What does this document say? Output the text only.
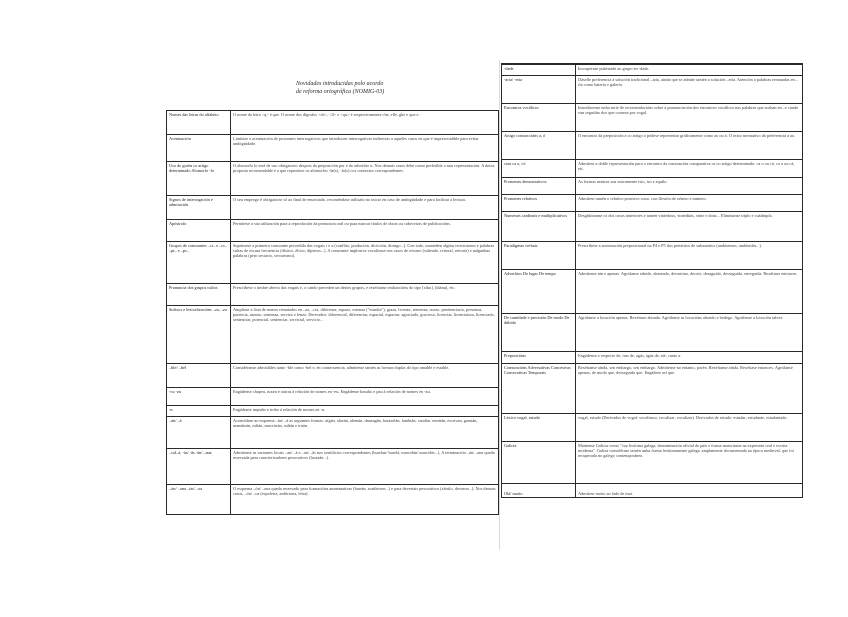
Novidades introducidas polo acordo
de reforma ortográfica (NOMIG-03)
Nomes das letras do alfabeto	O nome da letra <q> é que. O nome dos dígrafos <ch>, <ll> e <qu> é respectivamente che, elle, ghe e que e.
Acentuación	Limítase a acentuación de pronomes interrogativos que introducen interrogativas indirectas a aqueles casos en que é imprescindible para evitar ambigüidade.
Uso do guión co artigo determinado Alomorfo -lo	O alomorfo lo será de uso obrigatorio despois da preposición por e do adverbio u. Nos demais casos debe como preferible a non representación. A única proposta recomendable é a que reproduce os alomorfos -la(s), -lo(s) cos contextos correspondentes.
Signos de interrogación e admiración	O seu emprego é obrigatorio só ao final de enunciado, recoméndase utilizalo no inicio en caso de ambigüidade e para facilitar a lectura.
Apóstrofo	Permítese a súa utilización para a reprodución da pronuncia oral ou para marcar títulos de obras ou cabeceiras de publicacións.
Grupos de consoantes –ct– e –cc– –pt– e –pc–	Suprímese a primeira consoante precedida das vogais i e u (conflito, produción, dictición, diringo...). Con todo, manteñen algúns tecnicismos e palabras cultas de escasa frecuencia (dístico, élcito, dípteros...). A consoante implosiva vocalízase nos casos de retorno (salteado, reitoral, reitoría) e nalgunhas palabras (pero sectario, sectorismo).
Pronuncia dos grupos cultos	Prescríbese o timbre aberto das vogais e, o cando preceden un destes grupos, e rexéitanse realizacións do tipo [xiku], [diánu], etc.
Sufixos e lexicalizacións –za, –zo	Amplíase a lista de nomes rematados en –za, –cia, diferenza, espazo, estenza ("estudia"), graza, licenza, sentenza, norzo, penitenciario, presenza, potencia, asenzo, sentenza, servizo e lenzo. Derivados: diferencial, diferenciar, espacial, espaciar, agraciado, gracioso, licenciar, licenciatura, licenciado, sentenciar, potencial, sentenciar, servicial, servicio...
–ble/ –bel	Considéranse admisibles tanto -ble como -bel e, en consecuencia, admítense tamén as formas duplas do tipo amable e estable.
-cu -zu	Engádense chapeu, ruxeu e outras á relación de nomes en -eu. Engádense basalto e pau á relación de nomes en -au.
-n	Engádense impuño e trobo á relación de nomes en -n.
–án/ –á	Acomódase ao esquema –án/ –á as seguintes formas: afgán, alazán, alemán, danzagán, baraxelán, lambián, catalán, ermitán, escrivan, garatán, mandarán, rufián, sancristán, sultán e truán.
–cal–á, -ás/ -ãs -án/ –ana	Admítense as variantes locais –an/ –á e –an/ –ãs nos xentilicios correspondentes (burelan/ burelá, marcelán/ marcelás...). A terminación –án/ –ana queda reservada para caracterizadores pexorativos (lacazán...).
–ón/ –ona –ón/ –oa	O esquema –ón/ –ona queda reservado para formacións aumentativas (barrán, zonfieiron...) e para devertais pexorativos (afoulo, devaron...). Nos demais casos, –ón/ –oa (espoleira, anfitriona, leira).
-dade	Incorpórase pubertade ao grupo en -dade.
-aria/ -eria	Dáselle preferencia á solución tradicional –aría, ainda que se admite tamén a solución –ería. Atención a palabras rematadas en –ría como batería e galería.
Encontros vocálicos	Introdúcense unha serie de recomendacións sobre a pronunciación dos encontros vocálicos nas palabras que acaban en –e cando van seguidas dos que comeza por vogal.
Artigo contraccións a, ó	O encontro da preposición a co artigo o pódese representar gráficamente como ao ou ó. O texto normativo dá preferencia a ao.
cara ca o, có	Admítese a doble representación para o encontro da conxunción comparativa ca co artigo determinado: ca o ou có, ca a ou cá, etc.
Pronomes demostrativos	As formas neutras son unicamente isto, iso e aquilo.
Pronomes relativos	Admítese tamén o relativo posesivo cuxo, con flexión de xénero e número.
Numerais cardinais e multiplicativos	Desglútinanse os dos casos anteriores e tamén vintedous, vintedúas, vinte e dous... Elimínanse triplo e cuádruplo.
Paradigmas verbais	Prescríbese a acentuación preposicional na P4 e P5 dos pretéritos de subxuntivo (andásemos, andásedes...).
Adverbios De lugar De tempo	Admítense nin e apenas. Agrúfanse adrede, deantado, decontino, decote, desaguido, desseguida, enseguida. Rexéitase entonces.
De cantidade e precisión De modo De dúbida	Agrúfanse a locución apenas. Rexéitase abonda. Agrúfanse as locucións abondo e bodego. Agrúfanse a locución talvez.
Preposicións	Engádense o respecto de, tras de, agás, agás de, até, canto a.
Conxuncións Adversativas Concesivas Consecutivas Temporais	Rexéitanse aínda, sen embargo, sen embargo. Admítense no entanto, porén. Rexéitanse aínda. Rexéitase entonces. Agrúfanse apenas, de modo que, desseguida que. Engádese así que.
Léxico vogal, estudo	vogal, estudo (Derivados de vogal: vocalismo, vocalizar, vocalizar). Derivados de estudo: estudar, estudante, estudantado.
Galicia	Mantense Galicia como "voz lexítima galega, denominación oficial do país e forma maioritaria na expresión oral e escrita moderna". Galiza considérase tamén unha forma lexitimamente galega, amplamente documentada na época medieval, que foi recuperada no galego contemporáneo.
Olá/ moito	Admítese moito ao lado de moi.
